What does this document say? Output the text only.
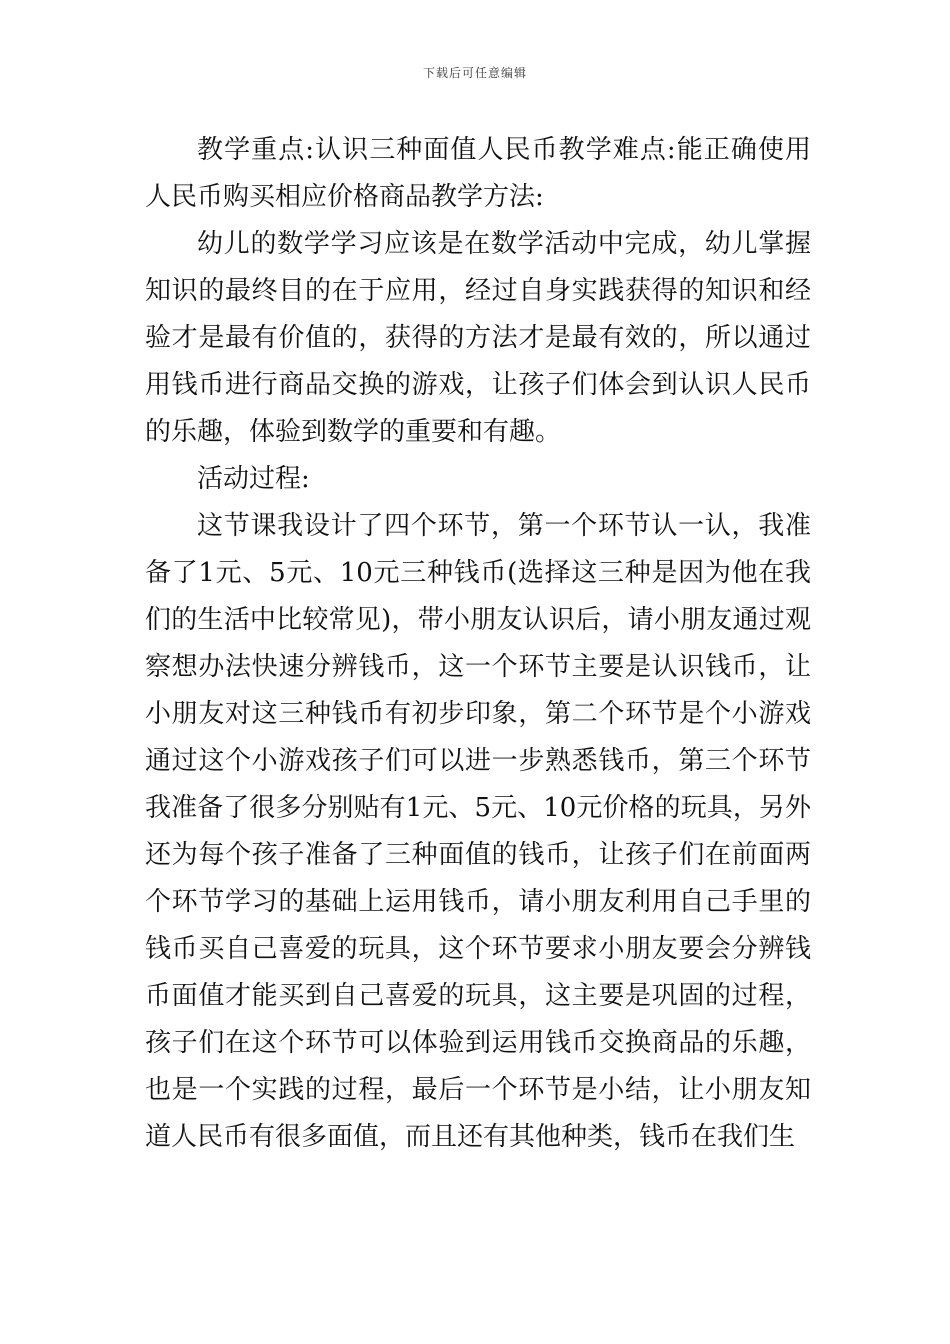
下载后可任意编辑

教学重点:认识三种面值人民币教学难点:能正确使用人民币购买相应价格商品教学方法:

幼儿的数学学习应该是在数学活动中完成，幼儿掌握知识的最终目的在于应用，经过自身实践获得的知识和经验才是最有价值的，获得的方法才是最有效的，所以通过用钱币进行商品交换的游戏，让孩子们体会到认识人民币的乐趣，体验到数学的重要和有趣。

活动过程:

这节课我设计了四个环节，第一个环节认一认，我准备了1元、5元、10元三种钱币(选择这三种是因为他在我们的生活中比较常见)，带小朋友认识后，请小朋友通过观察想办法快速分辨钱币，这一个环节主要是认识钱币，让小朋友对这三种钱币有初步印象，第二个环节是个小游戏通过这个小游戏孩子们可以进一步熟悉钱币，第三个环节我准备了很多分别贴有1元、5元、10元价格的玩具，另外还为每个孩子准备了三种面值的钱币，让孩子们在前面两个环节学习的基础上运用钱币，请小朋友利用自己手里的钱币买自己喜爱的玩具，这个环节要求小朋友要会分辨钱币面值才能买到自己喜爱的玩具，这主要是巩固的过程，孩子们在这个环节可以体验到运用钱币交换商品的乐趣，也是一个实践的过程，最后一个环节是小结，让小朋友知道人民币有很多面值，而且还有其他种类，钱币在我们生
